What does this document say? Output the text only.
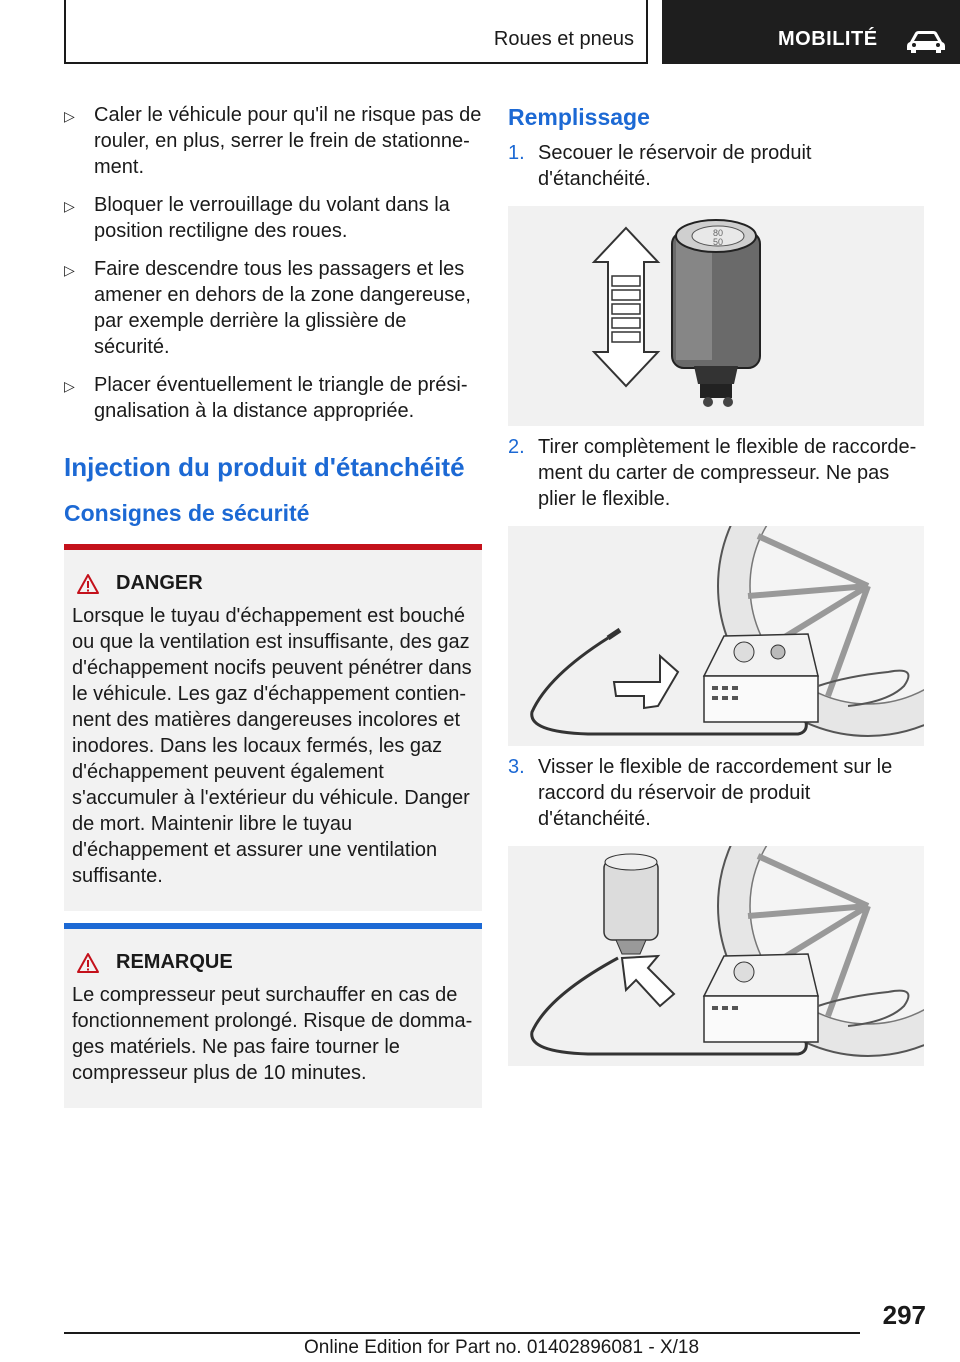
Roues et pneus	MOBILITÉ
▷ Caler le véhicule pour qu'il ne risque pas de rouler, en plus, serrer le frein de stationnement.
▷ Bloquer le verrouillage du volant dans la position rectiligne des roues.
▷ Faire descendre tous les passagers et les amener en dehors de la zone dangereuse, par exemple derrière la glissière de sécurité.
▷ Placer éventuellement le triangle de présignalisation à la distance appropriée.
Injection du produit d'étanchéité
Consignes de sécurité
DANGER
Lorsque le tuyau d'échappement est bouché ou que la ventilation est insuffisante, des gaz d'échappement nocifs peuvent pénétrer dans le véhicule. Les gaz d'échappement contiennent des matières dangereuses incolores et inodores. Dans les locaux fermés, les gaz d'échappement peuvent également s'accumuler à l'extérieur du véhicule. Danger de mort. Maintenir libre le tuyau d'échappement et assurer une ventilation suffisante.
REMARQUE
Le compresseur peut surchauffer en cas de fonctionnement prolongé. Risque de dommages matériels. Ne pas faire tourner le compresseur plus de 10 minutes.
Remplissage
1. Secouer le réservoir de produit d'étanchéité.
80
50
2. Tirer complètement le flexible de raccordement du carter de compresseur. Ne pas plier le flexible.
3. Visser le flexible de raccordement sur le raccord du réservoir de produit d'étanchéité.
297
Online Edition for Part no. 01402896081 - X/18
